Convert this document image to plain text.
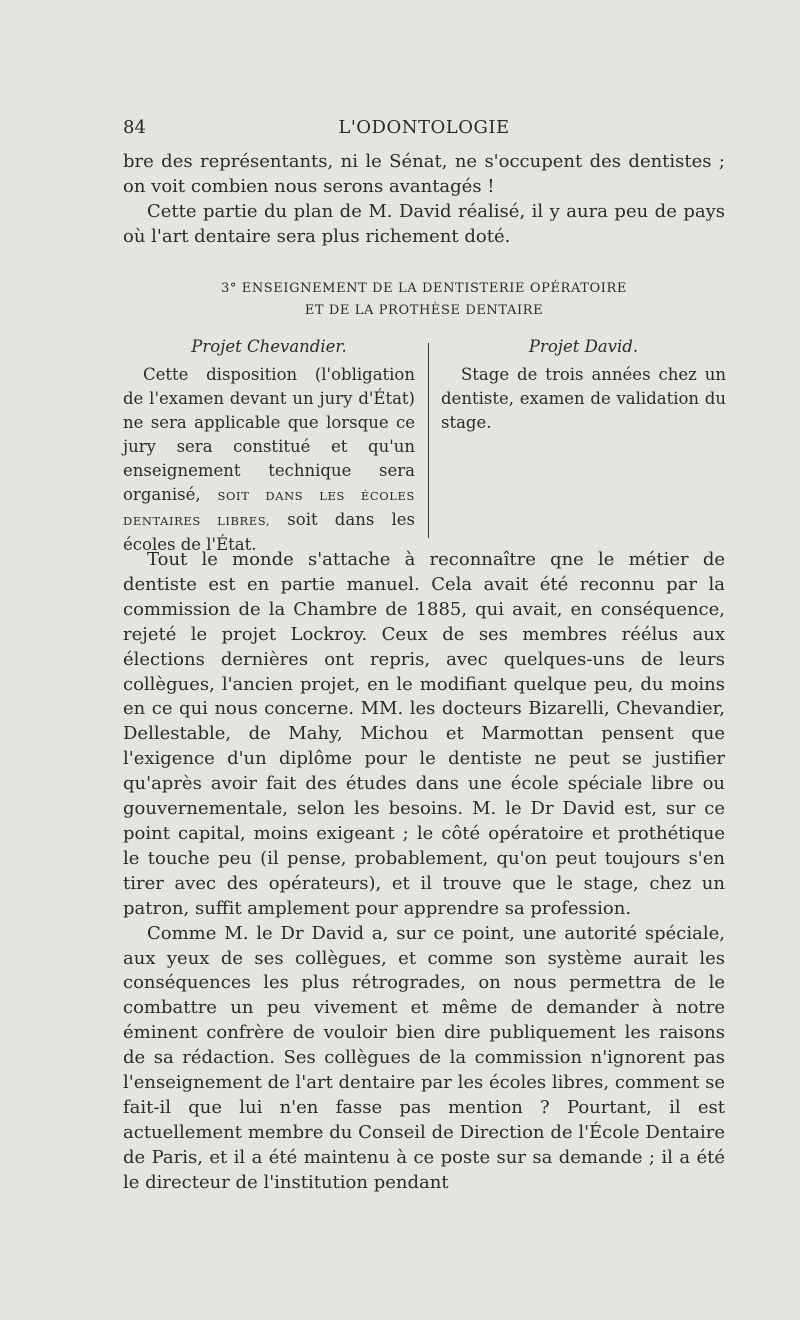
84	L'ODONTOLOGIE

bre des représentants, ni le Sénat, ne s'occupent des dentistes ; on voit combien nous serons avantagés !

Cette partie du plan de M. David réalisé, il y aura peu de pays où l'art dentaire sera plus richement doté.

3° ENSEIGNEMENT DE LA DENTISTERIE OPÉRATOIRE
ET DE LA PROTHÈSE DENTAIRE

Projet Chevandier.

Cette disposition (l'obligation de l'examen devant un jury d'État) ne sera applicable que lorsque ce jury sera constitué et qu'un enseignement technique sera organisé, SOIT DANS LES ÉCOLES DENTAIRES LIBRES, soit dans les écoles de l'État.

Projet David.

Stage de trois années chez un dentiste, examen de validation du stage.

Tout le monde s'attache à reconnaître qne le métier de dentiste est en partie manuel. Cela avait été reconnu par la commission de la Chambre de 1885, qui avait, en conséquence, rejeté le projet Lockroy. Ceux de ses membres réélus aux élections dernières ont repris, avec quelques-uns de leurs collègues, l'ancien projet, en le modifiant quelque peu, du moins en ce qui nous concerne. MM. les docteurs Bizarelli, Chevandier, Dellestable, de Mahy, Michou et Marmottan pensent que l'exigence d'un diplôme pour le dentiste ne peut se justifier qu'après avoir fait des études dans une école spéciale libre ou gouvernementale, selon les besoins. M. le Dr David est, sur ce point capital, moins exigeant ; le côté opératoire et prothétique le touche peu (il pense, probablement, qu'on peut toujours s'en tirer avec des opérateurs), et il trouve que le stage, chez un patron, suffit amplement pour apprendre sa profession.

Comme M. le Dr David a, sur ce point, une autorité spéciale, aux yeux de ses collègues, et comme son système aurait les conséquences les plus rétrogrades, on nous permettra de le combattre un peu vivement et même de demander à notre éminent confrère de vouloir bien dire publiquement les raisons de sa rédaction. Ses collègues de la commission n'ignorent pas l'enseignement de l'art dentaire par les écoles libres, comment se fait-il que lui n'en fasse pas mention ? Pourtant, il est actuellement membre du Conseil de Direction de l'École Dentaire de Paris, et il a été maintenu à ce poste sur sa demande ; il a été le directeur de l'institution pendant
